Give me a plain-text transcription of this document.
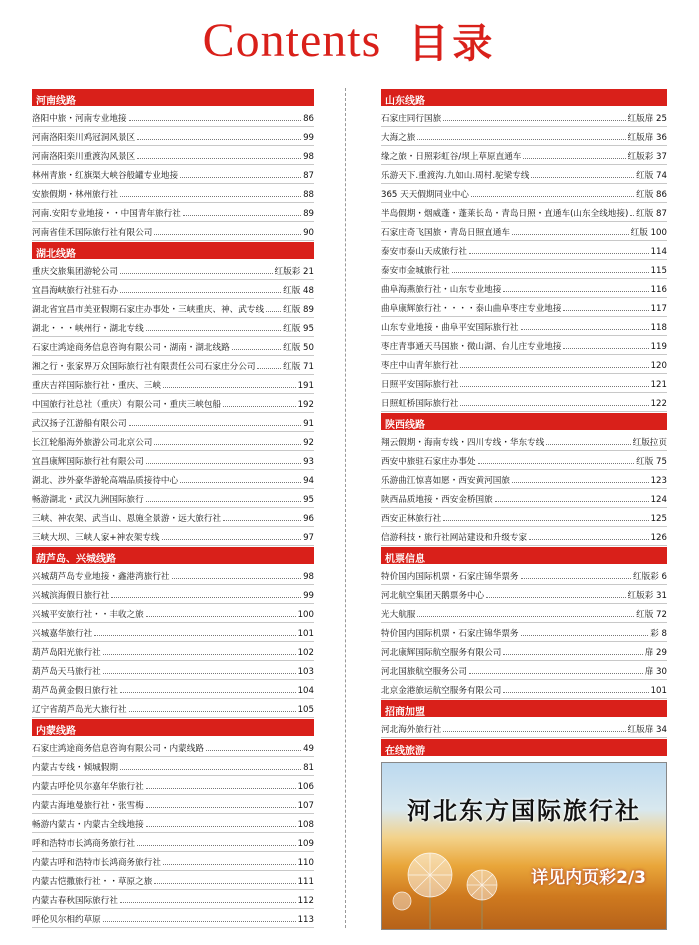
Contents 目录
河南线路
洛阳中旅・河南专业地接	86
河南洛阳栾川鸡冠洞风景区	99
河南洛阳栾川重渡沟风景区	98
林州青旅・红旗渠大峡谷般罐专业地接	87
安旅假期・林州旅行社	88
河南.安阳专业地接・・中国青年旅行社	89
河南省佳禾国际旅行社有限公司	90
湖北线路
重庆交旅集团游轮公司	红版彩 21
宜昌海峡旅行社驻石办	红版 48
湖北省宜昌市美亚假期石家庄办事处・三峡重庆、神、武专线 红版 89
湖北・・・峡州行・湖北专线	红版 95
石家庄鸿途商务信息咨询有限公司・湖南・湖北线路	红版 50
湘之行・张家界万众国际旅行社有限责任公司石家庄分公司	红版 71
重庆吉祥国际旅行社・重庆、三峡	191
中国旅行社总社（重庆）有限公司・重庆三峡包船	192
武汉扬子江游船有限公司	91
长江轮船海外旅游公司北京公司	92
宜昌康辉国际旅行社有限公司	93
湖北、涉外豪华游轮高端品质接待中心	94
畅游湖北・武汉九洲国际旅行	95
三峡、神农架、武当山、恩施全景游・远大旅行社	96
三峡大坝、三峡人家+神农架专线	97
葫芦岛、兴城线路
兴城葫芦岛专业地接・鑫港湾旅行社	98
兴城滨海假日旅行社	99
兴城平安旅行社・・丰收之旅	100
兴城嘉华旅行社	101
葫芦岛阳光旅行社	102
葫芦岛天马旅行社	103
葫芦岛黄金假日旅行社	104
辽宁省葫芦岛光大旅行社	105
内蒙线路
石家庄鸿途商务信息咨询有限公司・内蒙线路	49
内蒙古专线・倾城假期	81
内蒙古呼伦贝尔嘉年华旅行社	106
内蒙古海地曼旅行社・张雪梅	107
畅游内蒙古・内蒙古全线地接	108
呼和浩特市长鸿商务旅行社	109
内蒙古呼和浩特市长鸿商务旅行社	110
内蒙古恺撒旅行社・・草原之旅	111
内蒙古春秋国际旅行社	112
呼伦贝尔相约草原	113
山东线路
石家庄同行国旅	红版扉 25
大海之旅	红版扉 36
缘之旅・日照彩虹谷/坝上草原直通车	红版彩 37
乐游天下.重渡沟.九如山.周村.驼梁专线	红版 74
365 天天假期同业中心	红版 86
半岛假期・烟威蓬・蓬莱长岛・青岛日照・直通车(山东全线地接) 红版 87
石家庄奇飞国旅・青岛日照直通车	红版 100
泰安市泰山天成旅行社	114
泰安市金城旅行社	115
曲阜海燕旅行社・山东专业地接	116
曲阜康辉旅行社・・・・泰山曲阜枣庄专业地接	117
山东专业地接・曲阜平安国际旅行社	118
枣庄青事通天马国旅・微山湖、台儿庄专业地接	119
枣庄中山青年旅行社	120
日照平安国际旅行社	121
日照虹桥国际旅行社	122
陕西线路
翔云假期・海南专线・四川专线・华东专线	红版拉页
西安中旅驻石家庄办事处	红版 75
乐游曲江惊喜如愿・西安黄河国旅	123
陕西品质地接・西安金桥国旅	124
西安正林旅行社	125
信游科技・旅行社网站建设和升级专家	126
机票信息
特价国内国际机票・石家庄锦华票务	红版彩 6
河北航空集团天鹅票务中心	红版彩 31
光大航服	红版 72
特价国内国际机票・石家庄锦华票务	彩 8
河北康辉国际航空服务有限公司	扉 29
河北国旅航空服务公司	扉 30
北京金港旅运航空服务有限公司	101
招商加盟
河北海外旅行社	红版扉 34
在线旅游
河北东方国际旅行社
详见内页彩2/3
